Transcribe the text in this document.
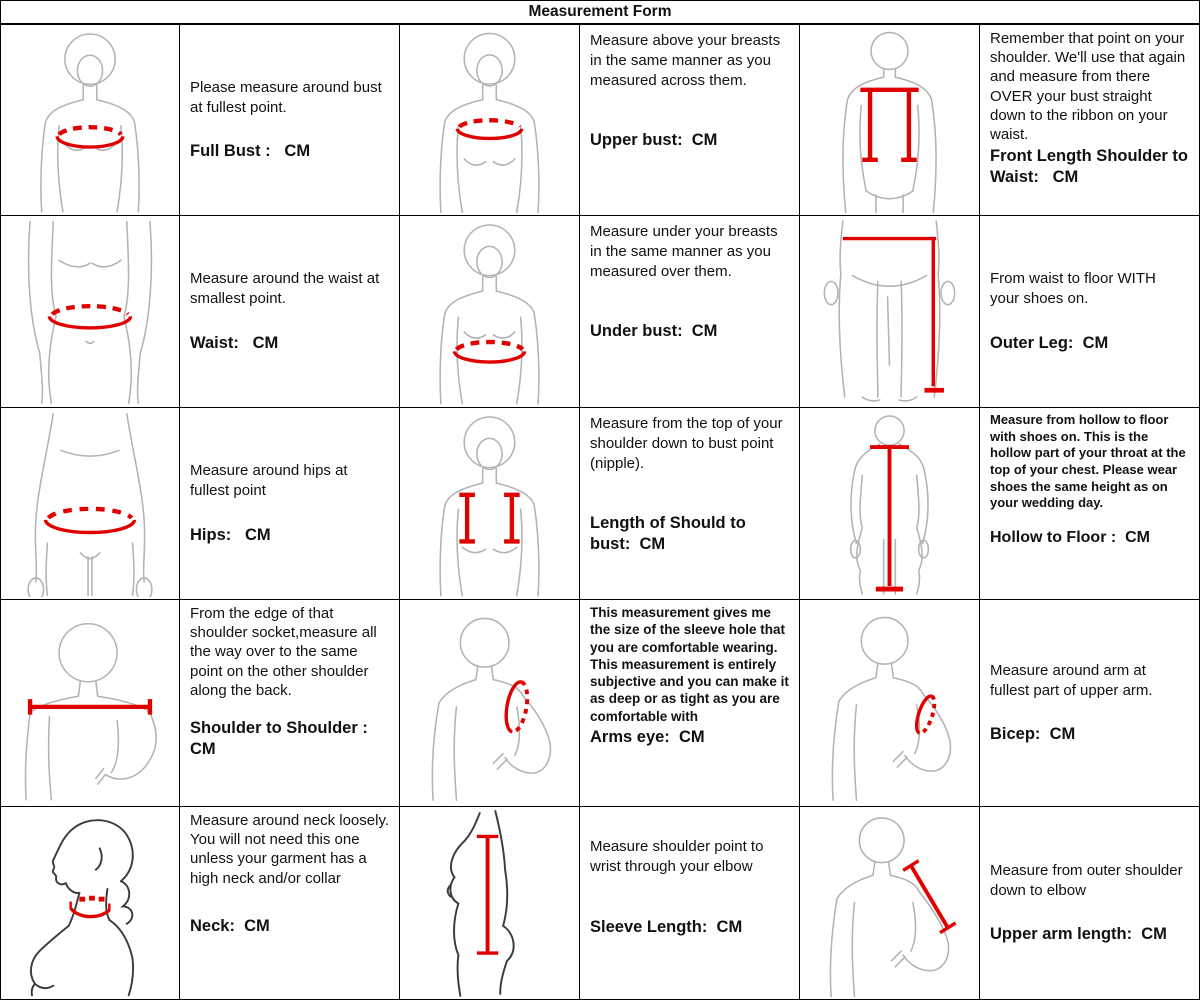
Measurement Form
Please measure around bust at fullest point.
Full Bust :   CM
Measure above your breasts in the same manner as you measured across them.
Upper bust:  CM
Remember that point on your shoulder. We'll use that again and measure from there OVER your bust straight down to the ribbon on your waist.
Front Length Shoulder to Waist:   CM
Measure around the waist at smallest point.
Waist:   CM
Measure under your breasts in the same manner as you measured over them.
Under bust:  CM
From waist to floor WITH your shoes on.
Outer Leg:  CM
Measure around hips at fullest point
Hips:   CM
Measure from the top of your shoulder down to bust point (nipple).
Length of Should to bust:  CM
Measure from hollow to floor with shoes on. This is the hollow part of your throat at the top of your chest. Please wear shoes the same height as on your wedding day.
Hollow to Floor :  CM
From the edge of that shoulder socket,measure all the way over to the same point on the other shoulder along the back.
Shoulder to Shoulder : CM
This measurement gives me the size of the sleeve hole that you are comfortable wearing. This measurement is entirely subjective and you can make it as deep or as tight as you are comfortable with
Arms eye:  CM
Measure around arm at fullest part of upper arm.
Bicep:  CM
Measure around neck loosely. You will not need this one unless your garment has a high neck and/or collar
Neck:  CM
Measure shoulder point to wrist through your elbow
Sleeve Length:  CM
Measure from outer shoulder down to elbow
Upper arm length:  CM
